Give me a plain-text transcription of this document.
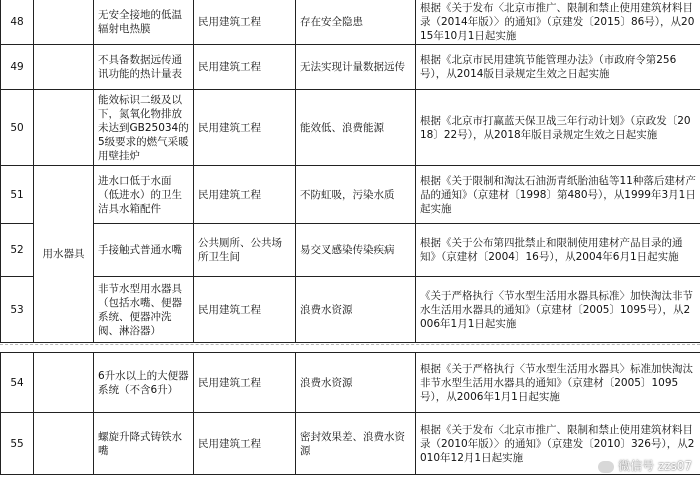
48		无安全接地的低温辐射电热膜	民用建筑工程	存在安全隐患	根据《关于发布〈北京市推广、限制和禁止使用建筑材料目录（2014年版）〉的通知》（京建发〔2015〕86号），从2015年10月1日起实施
49		不具备数据远传通讯功能的热计量表	民用建筑工程	无法实现计量数据远传	根据《北京市民用建筑节能管理办法》（市政府令第256号），从2014版目录规定生效之日起实施
50		能效标识二级及以下，氮氧化物排放未达到GB25034的5级要求的燃气采暖用壁挂炉	民用建筑工程	能效低、浪费能源	根据《北京市打赢蓝天保卫战三年行动计划》（京政发〔2018〕22号），从2018年版目录规定生效之日起实施
51	用水器具	进水口低于水面（低进水）的卫生洁具水箱配件	民用建筑工程	不防虹吸，污染水质	根据《关于限制和淘汰石油沥青纸胎油毡等11种落后建材产品的通知》（京建材〔1998〕第480号），从1999年3月1日起实施
52		手接触式普通水嘴	公共厕所、公共场所卫生间	易交叉感染传染疾病	根据《关于公布第四批禁止和限制使用建材产品目录的通知》（京建材〔2004〕16号），从2004年6月1日起实施
53		非节水型用水器具（包括水嘴、便器系统、便器冲洗阀、淋浴器）	民用建筑工程	浪费水资源	《关于严格执行〈节水型生活用水器具标准〉加快淘汰非节水生活用水器具的通知》（京建材〔2005〕1095号），从2006年1月1日起实施
54		6升水以上的大便器系统（不含6升）	民用建筑工程	浪费水资源	根据《关于严格执行〈节水型生活用水器具〉标准加快淘汰非节水型生活用水器具的通知》（京建材〔2005〕1095号），从2006年1月1日起实施
55		螺旋升降式铸铁水嘴	民用建筑工程	密封效果差、浪费水资源	根据《关于发布〈北京市推广、限制和禁止使用建筑材料目录（2010年版）〉的通知》（京建发〔2010〕326号），从2010年12月1日起实施
微信号 zzs07
